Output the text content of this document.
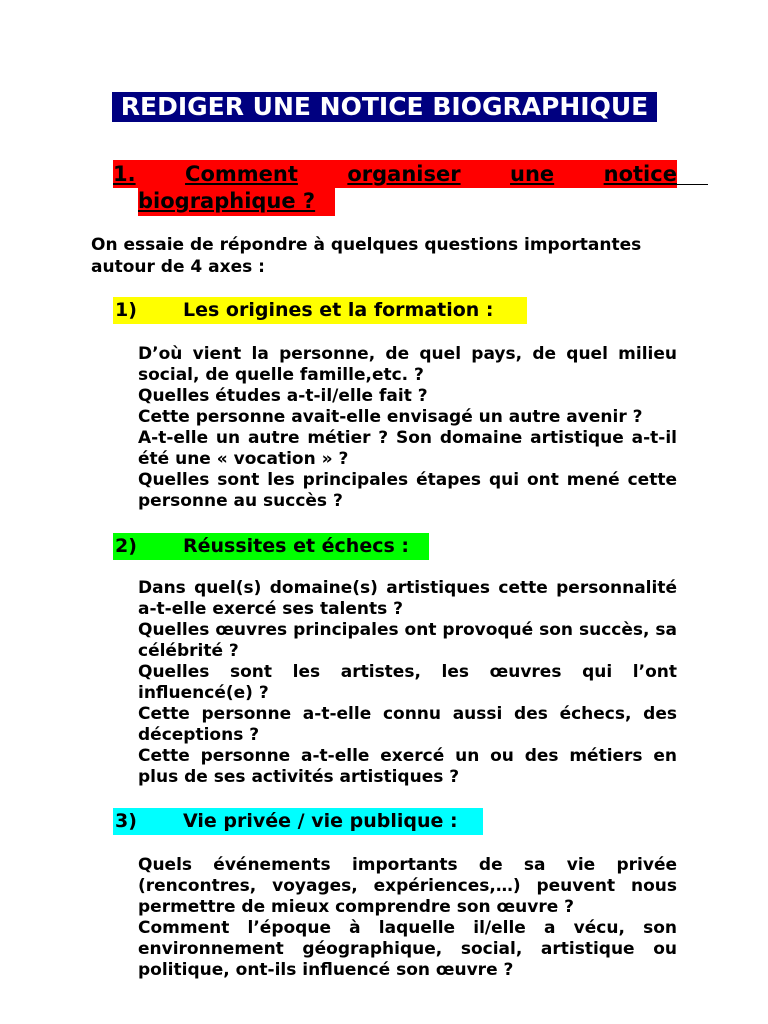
REDIGER UNE NOTICE BIOGRAPHIQUE
1. Comment organiser une notice
biographique ?
On essaie de répondre à quelques questions importantes autour de 4 axes :
1)	Les origines et la formation :

D’où vient la personne, de quel pays, de quel milieu social, de quelle famille,etc. ?

Quelles études a-t-il/elle fait ?

Cette personne avait-elle envisagé un autre avenir ?

A-t-elle un autre métier ? Son domaine artistique a-t-il été une « vocation » ?

Quelles sont les principales étapes qui ont mené cette personne au succès ?

2)	Réussites et échecs :

Dans quel(s) domaine(s) artistiques cette personnalité a-t-elle exercé ses talents ?

Quelles œuvres principales ont provoqué son succès, sa célébrité ?

Quelles sont les artistes, les œuvres qui l’ont influencé(e) ?

Cette personne a-t-elle connu aussi des échecs, des déceptions ?

Cette personne a-t-elle exercé un ou des métiers en plus de ses activités artistiques ?

3)	Vie privée / vie publique :

Quels événements importants de sa vie privée (rencontres, voyages, expériences,…) peuvent nous permettre de mieux comprendre son œuvre ?

Comment l’époque à laquelle il/elle a vécu, son environnement géographique, social, artistique ou politique, ont-ils influencé son œuvre ?
